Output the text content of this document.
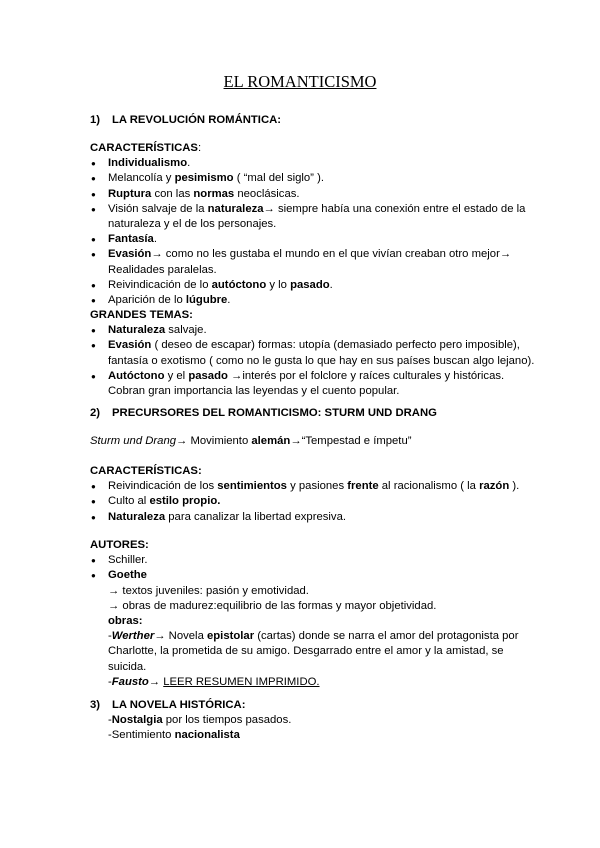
EL ROMANTICISMO
1) LA REVOLUCIÓN ROMÁNTICA:
CARACTERÍSTICAS:
● Individualismo.
● Melancolía y pesimismo ( “mal del siglo” ).
● Ruptura con las normas neoclásicas.
● Visión salvaje de la naturaleza→ siempre había una conexión entre el estado de la
naturaleza y el de los personajes.
● Fantasía.
● Evasión→ como no les gustaba el mundo en el que vivían creaban otro mejor→
Realidades paralelas.
● Reivindicación de lo autóctono y lo pasado.
● Aparición de lo lúgubre.
GRANDES TEMAS:
● Naturaleza salvaje.
● Evasión ( deseo de escapar) formas: utopía (demasiado perfecto pero imposible),
fantasía o exotismo ( como no le gusta lo que hay en sus países buscan algo lejano).
● Autóctono y el pasado →interés por el folclore y raíces culturales y históricas.
Cobran gran importancia las leyendas y el cuento popular.
2) PRECURSORES DEL ROMANTICISMO: STURM UND DRANG
Sturm und Drang→ Movimiento alemán→“Tempestad e ímpetu”
CARACTERÍSTICAS:
● Reivindicación de los sentimientos y pasiones frente al racionalismo ( la razón ).
● Culto al estilo propio.
● Naturaleza para canalizar la libertad expresiva.
AUTORES:
● Schiller.
● Goethe
→ textos juveniles: pasión y emotividad.
→ obras de madurez:equilibrio de las formas y mayor objetividad.
obras:
-Werther→ Novela epistolar (cartas) donde se narra el amor del protagonista por
Charlotte, la prometida de su amigo. Desgarrado entre el amor y la amistad, se
suicida.
-Fausto→ LEER RESUMEN IMPRIMIDO.
3) LA NOVELA HISTÓRICA:
-Nostalgia por los tiempos pasados.
-Sentimiento nacionalista
